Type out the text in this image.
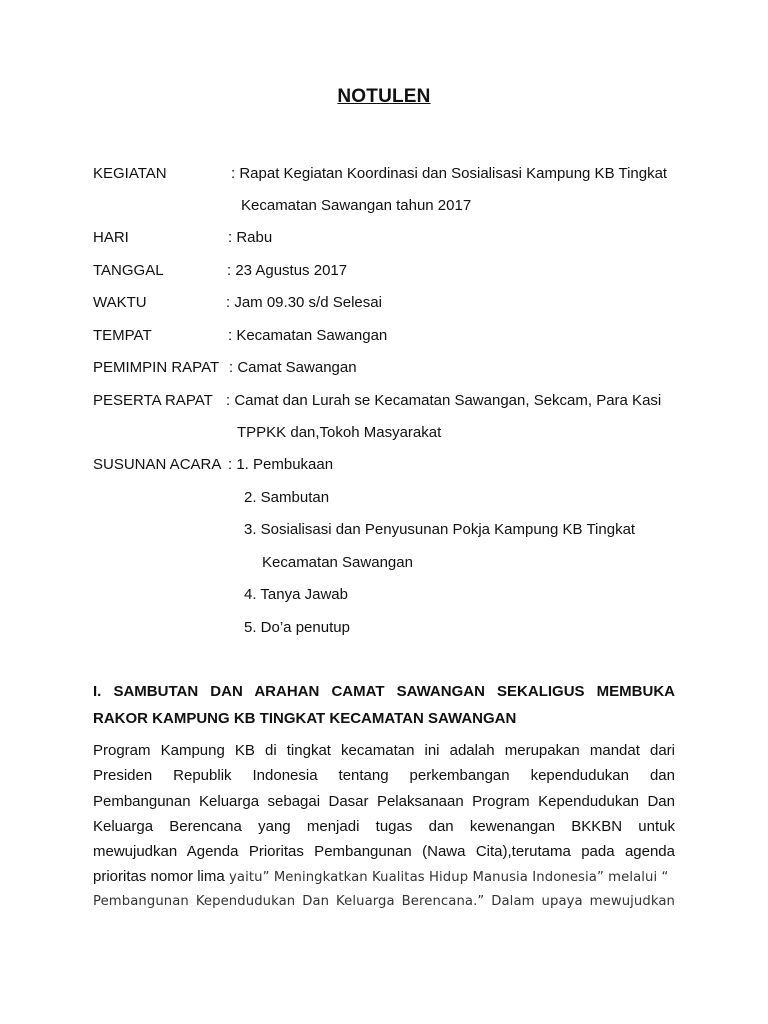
NOTULEN
KEGIATAN	: Rapat Kegiatan Koordinasi dan Sosialisasi Kampung KB Tingkat
Kecamatan Sawangan tahun 2017
HARI	: Rabu
TANGGAL	: 23 Agustus 2017
WAKTU	: Jam 09.30 s/d Selesai
TEMPAT	: Kecamatan Sawangan
PEMIMPIN RAPAT : Camat Sawangan
PESERTA RAPAT : Camat dan Lurah se Kecamatan Sawangan, Sekcam, Para Kasi
TPPKK dan,Tokoh Masyarakat
SUSUNAN ACARA : 1. Pembukaan
2. Sambutan
3. Sosialisasi dan Penyusunan Pokja Kampung KB Tingkat
Kecamatan Sawangan
4. Tanya Jawab
5. Do’a penutup
I. SAMBUTAN DAN ARAHAN CAMAT SAWANGAN SEKALIGUS MEMBUKA
RAKOR KAMPUNG KB TINGKAT KECAMATAN SAWANGAN
Program Kampung KB di tingkat kecamatan ini adalah merupakan mandat dari
Presiden Republik Indonesia tentang perkembangan kependudukan dan
Pembangunan Keluarga sebagai Dasar Pelaksanaan Program Kependudukan Dan
Keluarga Berencana yang menjadi tugas dan kewenangan BKKBN untuk
mewujudkan Agenda Prioritas Pembangunan (Nawa Cita),terutama pada agenda
prioritas nomor lima yaitu” Meningkatkan Kualitas Hidup Manusia Indonesia” melalui “
Pembangunan Kependudukan Dan Keluarga Berencana.” Dalam upaya mewujudkan
